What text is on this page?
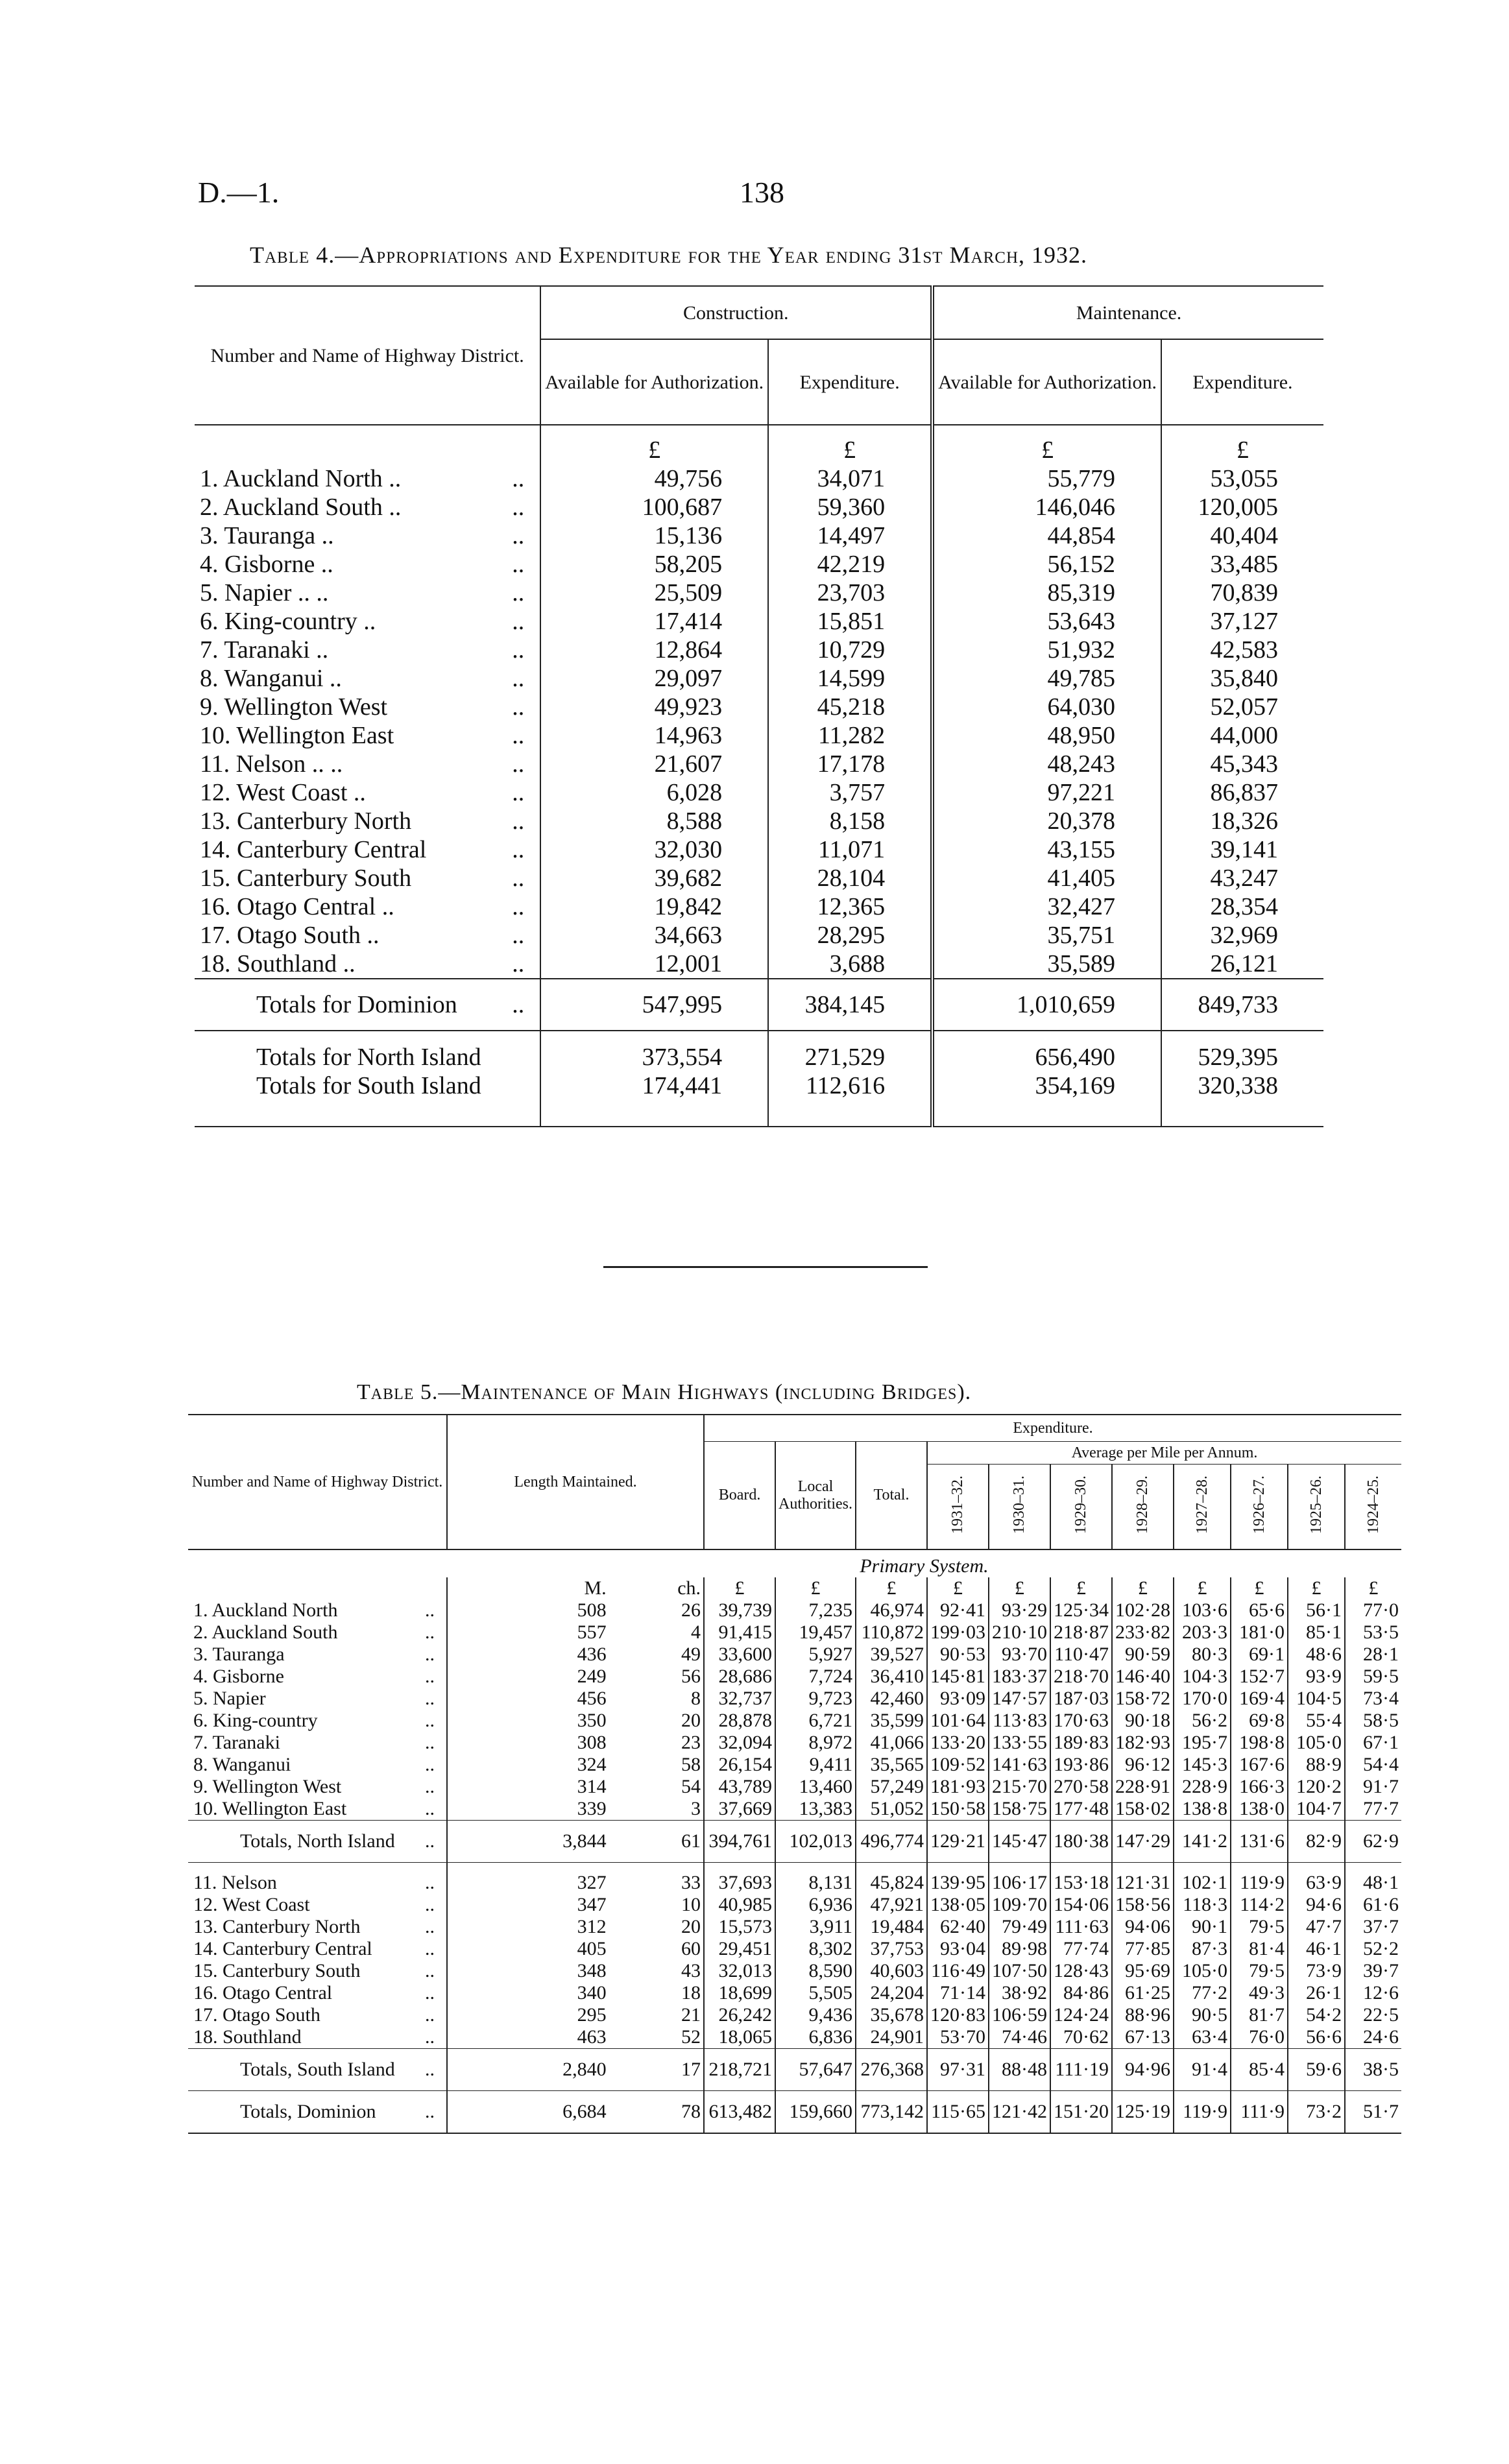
D.—1.	138
Table 4.—Appropriations and Expenditure for the Year ending 31st March, 1932.
Number and Name of Highway District.	Construction.		Maintenance.	
	Available for Authorization.	Expenditure.	Available for Authorization.	Expenditure.
	£	£	£	£
1. Auckland North .. ..	49,756	34,071	55,779	53,055
2. Auckland South .. ..	100,687	59,360	146,046	120,005
3. Tauranga .. ..	15,136	14,497	44,854	40,404
4. Gisborne .. ..	58,205	42,219	56,152	33,485
5. Napier .. .. ..	25,509	23,703	85,319	70,839
6. King-country .. ..	17,414	15,851	53,643	37,127
7. Taranaki .. ..	12,864	10,729	51,932	42,583
8. Wanganui .. ..	29,097	14,599	49,785	35,840
9. Wellington West ..	49,923	45,218	64,030	52,057
10. Wellington East ..	14,963	11,282	48,950	44,000
11. Nelson .. .. ..	21,607	17,178	48,243	45,343
12. West Coast .. ..	6,028	3,757	97,221	86,837
13. Canterbury North ..	8,588	8,158	20,378	18,326
14. Canterbury Central ..	32,030	11,071	43,155	39,141
15. Canterbury South ..	39,682	28,104	41,405	43,247
16. Otago Central .. ..	19,842	12,365	32,427	28,354
17. Otago South .. ..	34,663	28,295	35,751	32,969
18. Southland .. ..	12,001	3,688	35,589	26,121
Totals for Dominion ..	547,995	384,145	1,010,659	849,733
Totals for North Island	373,554	271,529	656,490	529,395
Totals for South Island	174,441	112,616	354,169	320,338
Table 5.—Maintenance of Main Highways (including Bridges).
Number and Name of Highway District.	Length Maintained.		Expenditure.										
			Board.	Local Authorities.	Total.	Average per Mile per Annum.							
						1931–32.	1930–31.	1929–30.	1928–29.	1927–28.	1926–27.	1925–26.	1924–25.
	Primary System.												
	M.	ch.	£	£	£	£	£	£	£	£	£	£	£
1. Auckland North ..	508	26	39,739	7,235	46,974	92·41	93·29	125·34	102·28	103·6	65·6	56·1	77·0
2. Auckland South ..	557	4	91,415	19,457	110,872	199·03	210·10	218·87	233·82	203·3	181·0	85·1	53·5
3. Tauranga ..	436	49	33,600	5,927	39,527	90·53	93·70	110·47	90·59	80·3	69·1	48·6	28·1
4. Gisborne ..	249	56	28,686	7,724	36,410	145·81	183·37	218·70	146·40	104·3	152·7	93·9	59·5
5. Napier ..	456	8	32,737	9,723	42,460	93·09	147·57	187·03	158·72	170·0	169·4	104·5	73·4
6. King-country ..	350	20	28,878	6,721	35,599	101·64	113·83	170·63	90·18	56·2	69·8	55·4	58·5
7. Taranaki ..	308	23	32,094	8,972	41,066	133·20	133·55	189·83	182·93	195·7	198·8	105·0	67·1
8. Wanganui ..	324	58	26,154	9,411	35,565	109·52	141·63	193·86	96·12	145·3	167·6	88·9	54·4
9. Wellington West ..	314	54	43,789	13,460	57,249	181·93	215·70	270·58	228·91	228·9	166·3	120·2	91·7
10. Wellington East ..	339	3	37,669	13,383	51,052	150·58	158·75	177·48	158·02	138·8	138·0	104·7	77·7
Totals, North Island ..	3,844	61	394,761	102,013	496,774	129·21	145·47	180·38	147·29	141·2	131·6	82·9	62·9
11. Nelson ..	327	33	37,693	8,131	45,824	139·95	106·17	153·18	121·31	102·1	119·9	63·9	48·1
12. West Coast ..	347	10	40,985	6,936	47,921	138·05	109·70	154·06	158·56	118·3	114·2	94·6	61·6
13. Canterbury North ..	312	20	15,573	3,911	19,484	62·40	79·49	111·63	94·06	90·1	79·5	47·7	37·7
14. Canterbury Central ..	405	60	29,451	8,302	37,753	93·04	89·98	77·74	77·85	87·3	81·4	46·1	52·2
15. Canterbury South ..	348	43	32,013	8,590	40,603	116·49	107·50	128·43	95·69	105·0	79·5	73·9	39·7
16. Otago Central ..	340	18	18,699	5,505	24,204	71·14	38·92	84·86	61·25	77·2	49·3	26·1	12·6
17. Otago South ..	295	21	26,242	9,436	35,678	120·83	106·59	124·24	88·96	90·5	81·7	54·2	22·5
18. Southland ..	463	52	18,065	6,836	24,901	53·70	74·46	70·62	67·13	63·4	76·0	56·6	24·6
Totals, South Island ..	2,840	17	218,721	57,647	276,368	97·31	88·48	111·19	94·96	91·4	85·4	59·6	38·5
Totals, Dominion ..	6,684	78	613,482	159,660	773,142	115·65	121·42	151·20	125·19	119·9	111·9	73·2	51·7
